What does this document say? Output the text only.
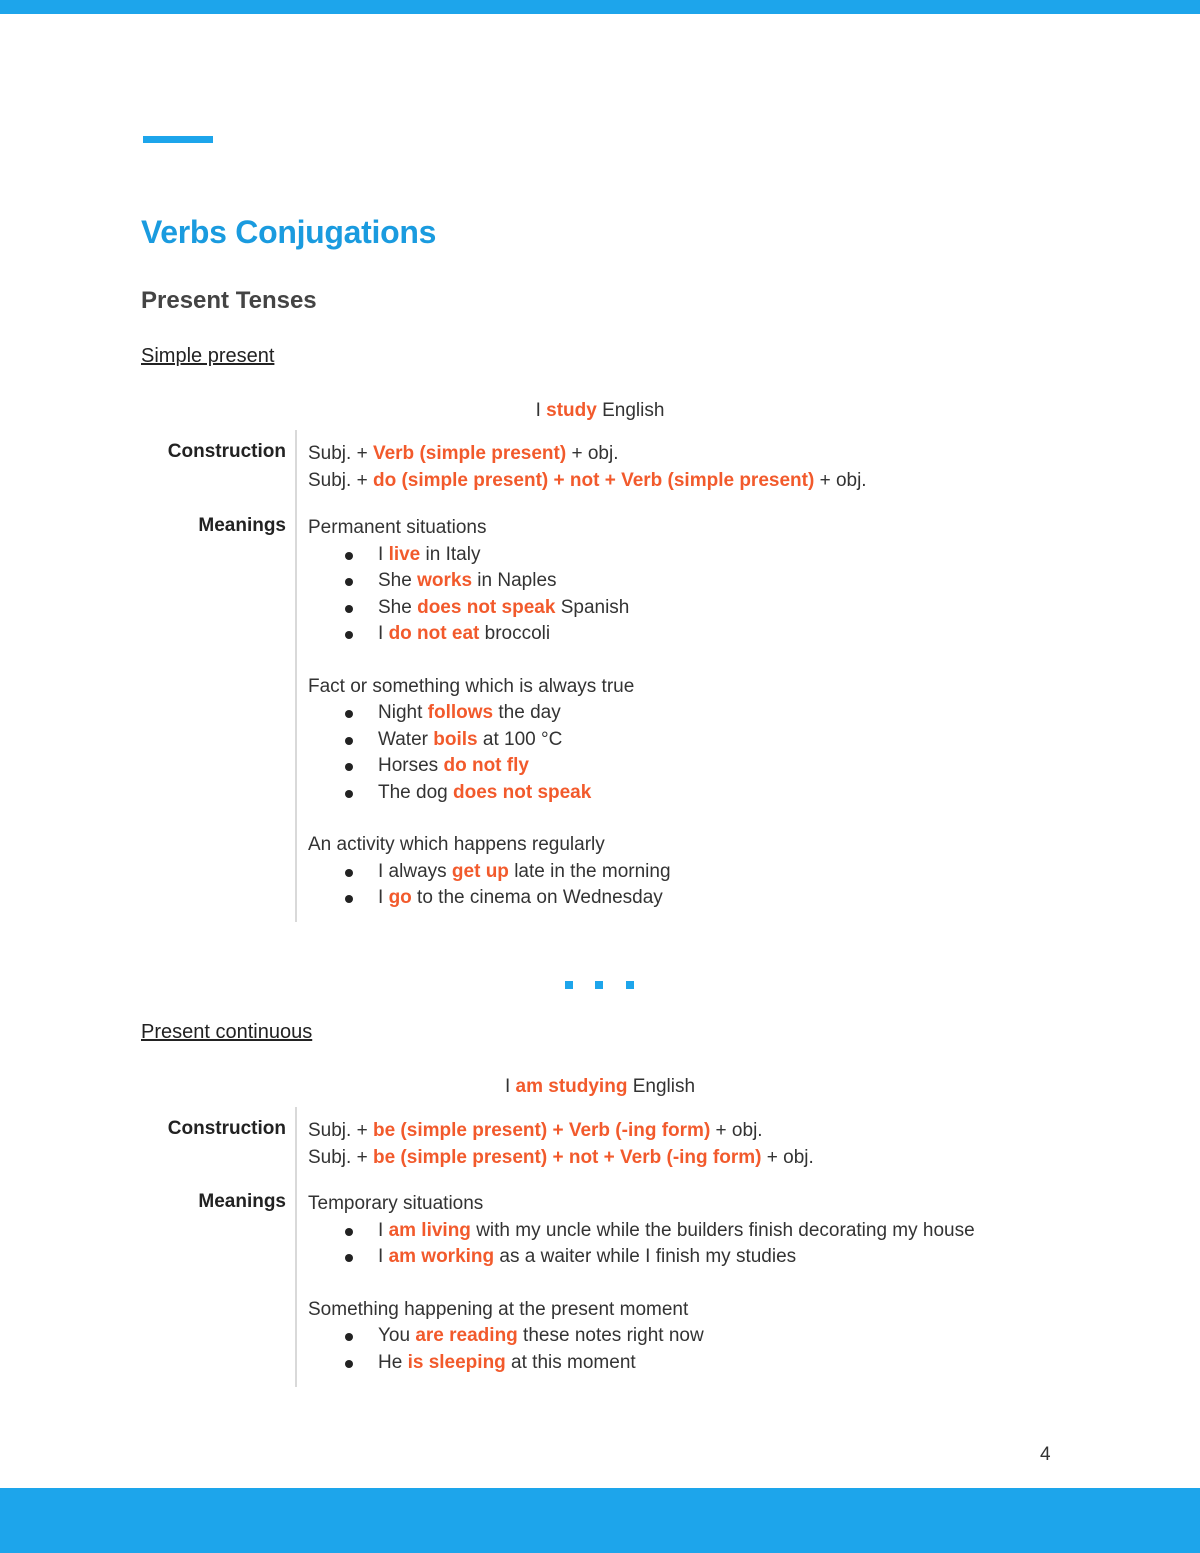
Verbs Conjugations
Present Tenses
Simple present
I study English
Construction
Meanings
Subj. + Verb (simple present) + obj.
Subj. + do (simple present) + not + Verb (simple present) + obj.
Permanent situations
I live in Italy
She works in Naples
She does not speak Spanish
I do not eat broccoli
Fact or something which is always true
Night follows the day
Water boils at 100 °C
Horses do not fly
The dog does not speak
An activity which happens regularly
I always get up late in the morning
I go to the cinema on Wednesday
Present continuous
I am studying English
Construction
Meanings
Subj. + be (simple present) + Verb (-ing form) + obj.
Subj. + be (simple present) + not + Verb (-ing form) + obj.
Temporary situations
I am living with my uncle while the builders finish decorating my house
I am working as a waiter while I finish my studies
Something happening at the present moment
You are reading these notes right now
He is sleeping at this moment
4
